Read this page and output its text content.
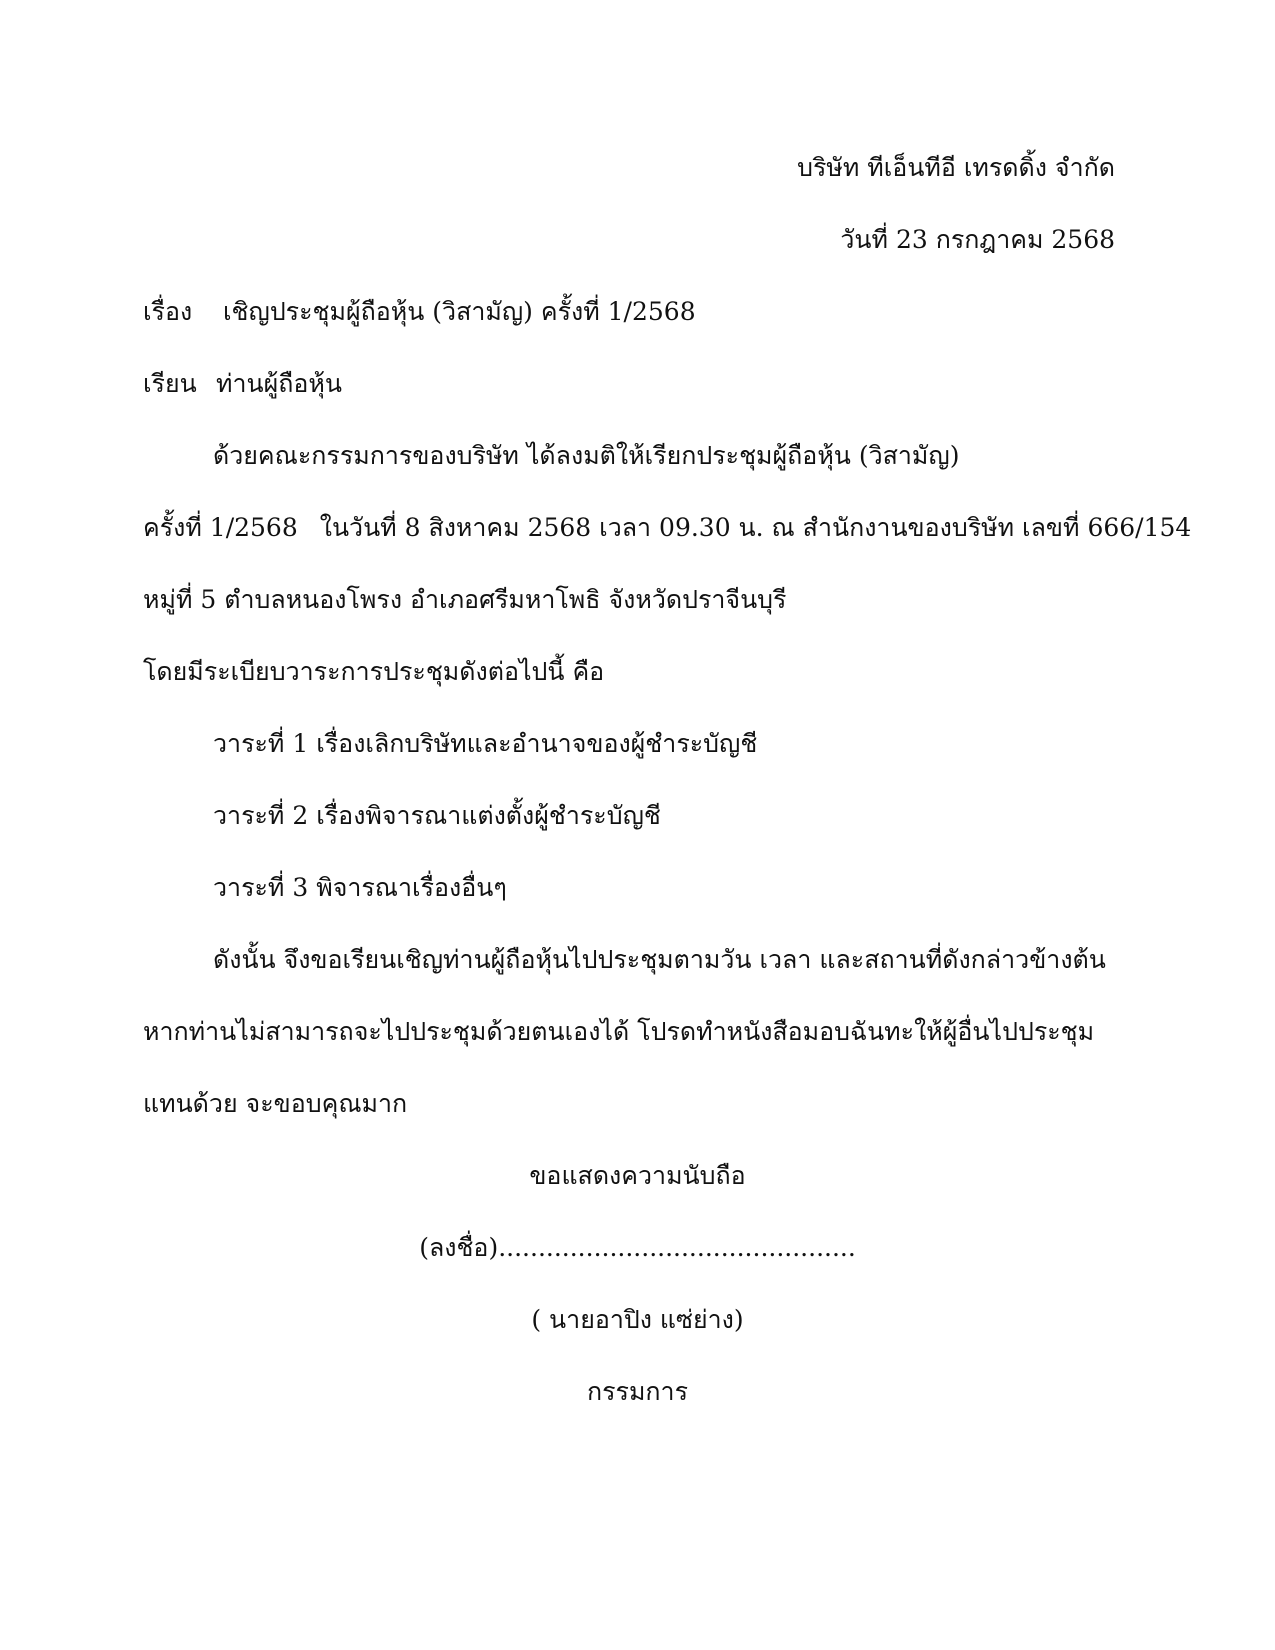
บริษัท ทีเอ็นทีอี เทรดดิ้ง จำกัด
วันที่ 23 กรกฎาคม 2568
เรื่อง เชิญประชุมผู้ถือหุ้น (วิสามัญ) ครั้งที่ 1/2568
เรียน ท่านผู้ถือหุ้น
ด้วยคณะกรรมการของบริษัท ได้ลงมติให้เรียกประชุมผู้ถือหุ้น (วิสามัญ)
ครั้งที่ 1/2568 ในวันที่ 8 สิงหาคม 2568 เวลา 09.30 น. ณ สำนักงานของบริษัท เลขที่ 666/154
หมู่ที่ 5 ตำบลหนองโพรง อำเภอศรีมหาโพธิ จังหวัดปราจีนบุรี
โดยมีระเบียบวาระการประชุมดังต่อไปนี้ คือ
วาระที่ 1 เรื่องเลิกบริษัทและอำนาจของผู้ชำระบัญชี
วาระที่ 2 เรื่องพิจารณาแต่งตั้งผู้ชำระบัญชี
วาระที่ 3 พิจารณาเรื่องอื่นๆ
ดังนั้น จึงขอเรียนเชิญท่านผู้ถือหุ้นไปประชุมตามวัน เวลา และสถานที่ดังกล่าวข้างต้น
หากท่านไม่สามารถจะไปประชุมด้วยตนเองได้ โปรดทำหนังสือมอบฉันทะให้ผู้อื่นไปประชุม
แทนด้วย จะขอบคุณมาก
ขอแสดงความนับถือ
(ลงชื่อ).............................................
( นายอาปิง แซ่ย่าง)
กรรมการ
